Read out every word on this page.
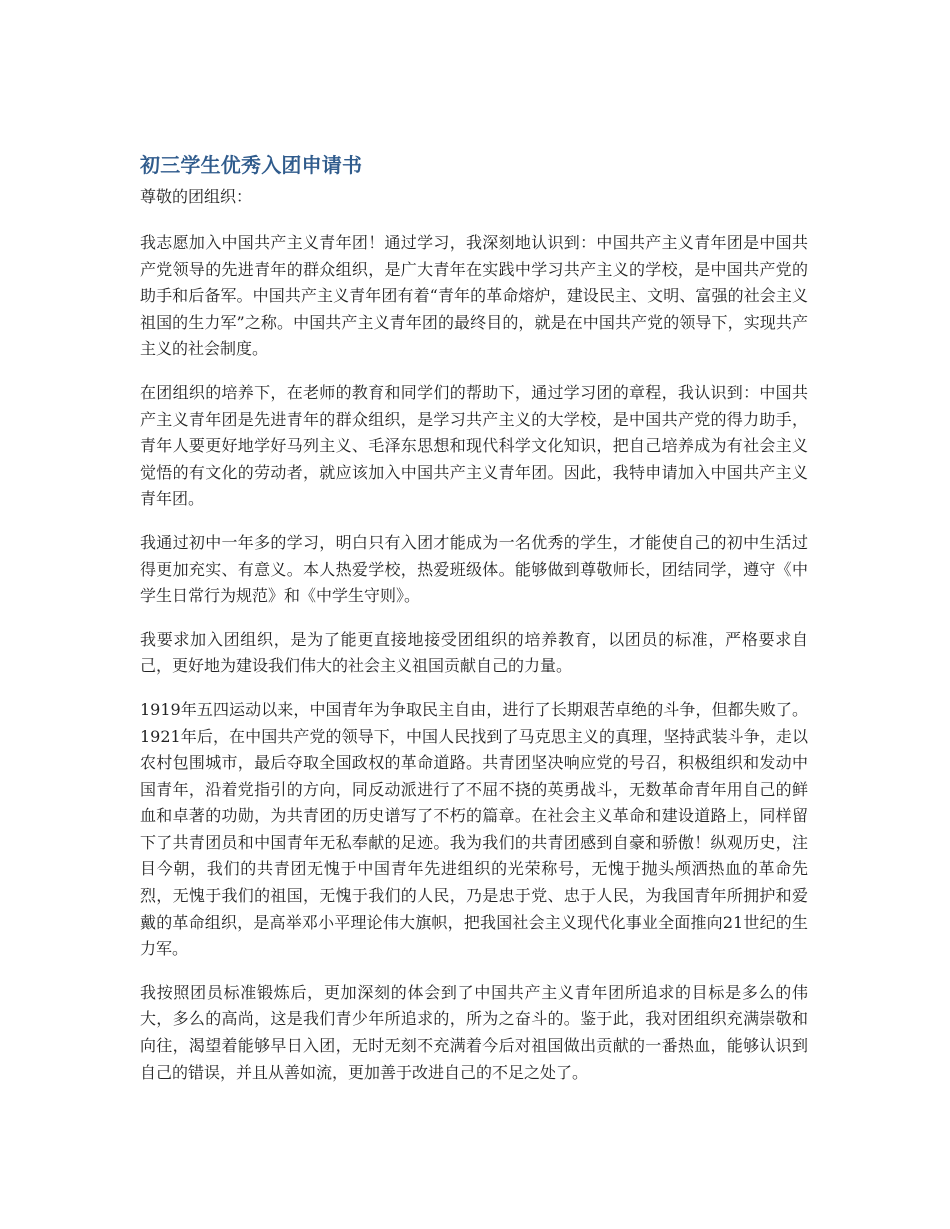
初三学生优秀入团申请书

尊敬的团组织：

我志愿加入中国共产主义青年团！通过学习，我深刻地认识到：中国共产主义青年团是中国共产党领导的先进青年的群众组织，是广大青年在实践中学习共产主义的学校，是中国共产党的助手和后备军。中国共产主义青年团有着“青年的革命熔炉，建设民主、文明、富强的社会主义祖国的生力军”之称。中国共产主义青年团的最终目的，就是在中国共产党的领导下，实现共产主义的社会制度。

在团组织的培养下，在老师的教育和同学们的帮助下，通过学习团的章程，我认识到：中国共产主义青年团是先进青年的群众组织，是学习共产主义的大学校，是中国共产党的得力助手，青年人要更好地学好马列主义、毛泽东思想和现代科学文化知识，把自己培养成为有社会主义觉悟的有文化的劳动者，就应该加入中国共产主义青年团。因此，我特申请加入中国共产主义青年团。

我通过初中一年多的学习，明白只有入团才能成为一名优秀的学生，才能使自己的初中生活过得更加充实、有意义。本人热爱学校，热爱班级体。能够做到尊敬师长，团结同学，遵守《中学生日常行为规范》和《中学生守则》。

我要求加入团组织，是为了能更直接地接受团组织的培养教育，以团员的标准，严格要求自己，更好地为建设我们伟大的社会主义祖国贡献自己的力量。

1919年五四运动以来，中国青年为争取民主自由，进行了长期艰苦卓绝的斗争，但都失败了。1921年后，在中国共产党的领导下，中国人民找到了马克思主义的真理，坚持武装斗争，走以农村包围城市，最后夺取全国政权的革命道路。共青团坚决响应党的号召，积极组织和发动中国青年，沿着党指引的方向，同反动派进行了不屈不挠的英勇战斗，无数革命青年用自己的鲜血和卓著的功勋，为共青团的历史谱写了不朽的篇章。在社会主义革命和建设道路上，同样留下了共青团员和中国青年无私奉献的足迹。我为我们的共青团感到自豪和骄傲！纵观历史，注目今朝，我们的共青团无愧于中国青年先进组织的光荣称号，无愧于抛头颅洒热血的革命先烈，无愧于我们的祖国，无愧于我们的人民，乃是忠于党、忠于人民，为我国青年所拥护和爱戴的革命组织，是高举邓小平理论伟大旗帜，把我国社会主义现代化事业全面推向21世纪的生力军。

我按照团员标准锻炼后，更加深刻的体会到了中国共产主义青年团所追求的目标是多么的伟大，多么的高尚，这是我们青少年所追求的，所为之奋斗的。鉴于此，我对团组织充满崇敬和向往，渴望着能够早日入团，无时无刻不充满着今后对祖国做出贡献的一番热血，能够认识到自己的错误，并且从善如流，更加善于改进自己的不足之处了。
